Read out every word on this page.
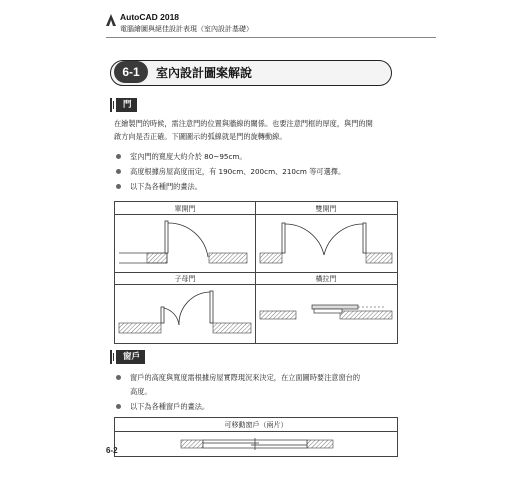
AutoCAD 2018
電腦繪圖與絕佳設計表現（室內設計基礎）
6-1	室內設計圖案解說
門
在繪製門的時候，需注意門的位置與牆線的關係。也要注意門框的厚度，與門的開
啟方向是否正確。下圖圖示的弧線就是門的旋轉動線。
室內門的寬度大約介於 80~95cm。
高度根據房屋高度而定，有 190cm、200cm、210cm 等可選擇。
以下為各種門的畫法。
單開門	雙開門
子母門	橫拉門
窗戶
窗戶的高度與寬度需根據房屋實際現況來決定，在立面圖時要注意窗台的
高度。
以下為各種窗戶的畫法。
可移動窗戶（兩片）
6-2
